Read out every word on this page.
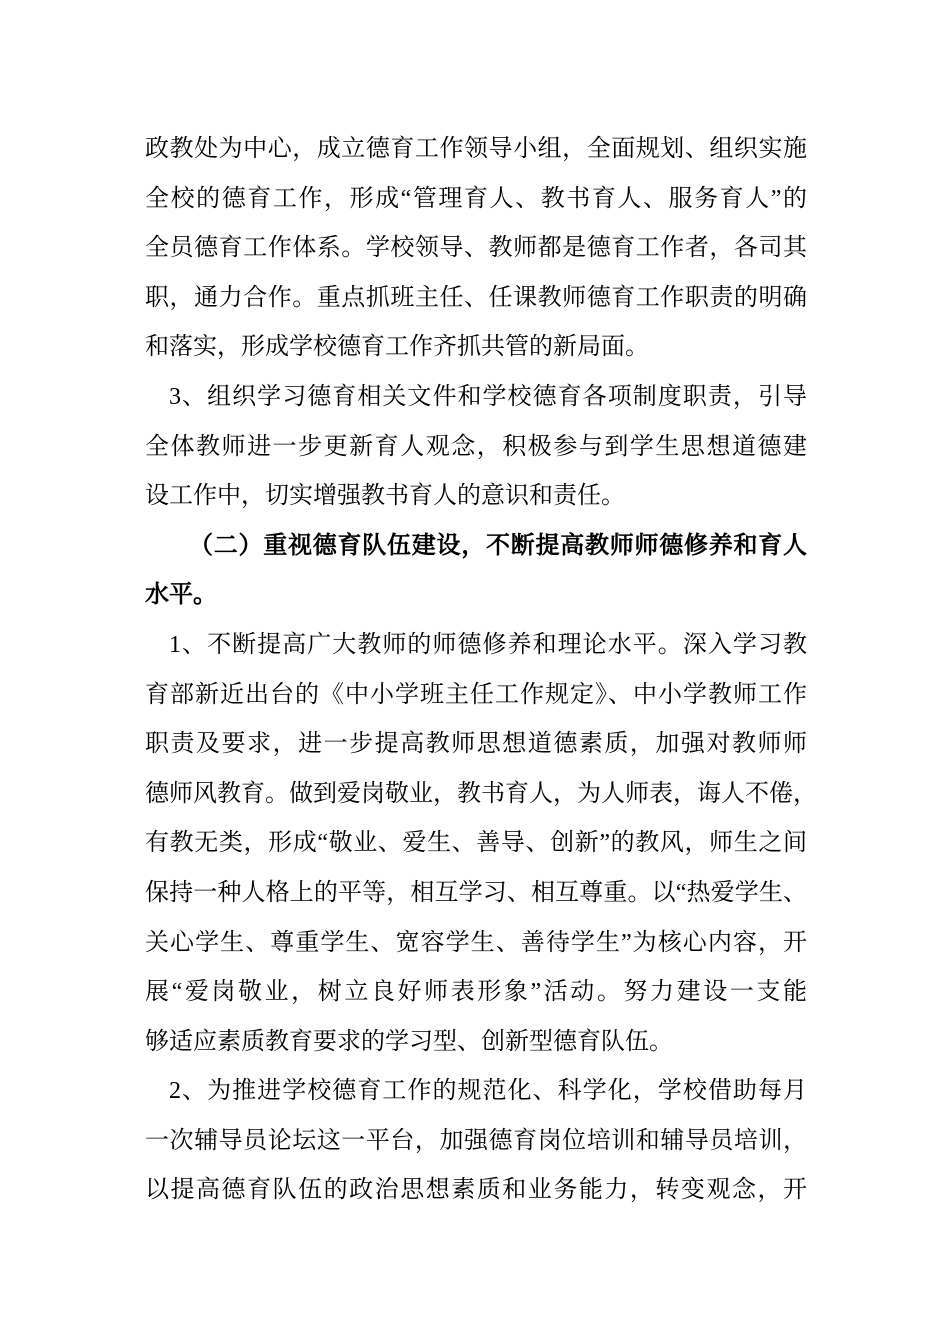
政教处为中心，成立德育工作领导小组，全面规划、组织实施
全校的德育工作，形成“管理育人、教书育人、服务育人”的
全员德育工作体系。学校领导、教师都是德育工作者，各司其
职，通力合作。重点抓班主任、任课教师德育工作职责的明确
和落实，形成学校德育工作齐抓共管的新局面。
3、组织学习德育相关文件和学校德育各项制度职责，引导
全体教师进一步更新育人观念，积极参与到学生思想道德建
设工作中，切实增强教书育人的意识和责任。
（二）重视德育队伍建设，不断提高教师师德修养和育人
水平。
1、不断提高广大教师的师德修养和理论水平。深入学习教
育部新近出台的《中小学班主任工作规定》、中小学教师工作
职责及要求，进一步提高教师思想道德素质，加强对教师师
德师风教育。做到爱岗敬业，教书育人，为人师表，诲人不倦，
有教无类，形成“敬业、爱生、善导、创新”的教风，师生之间
保持一种人格上的平等，相互学习、相互尊重。以“热爱学生、
关心学生、尊重学生、宽容学生、善待学生”为核心内容，开
展“爱岗敬业，树立良好师表形象”活动。努力建设一支能
够适应素质教育要求的学习型、创新型德育队伍。
2、为推进学校德育工作的规范化、科学化，学校借助每月
一次辅导员论坛这一平台，加强德育岗位培训和辅导员培训，
以提高德育队伍的政治思想素质和业务能力，转变观念，开
